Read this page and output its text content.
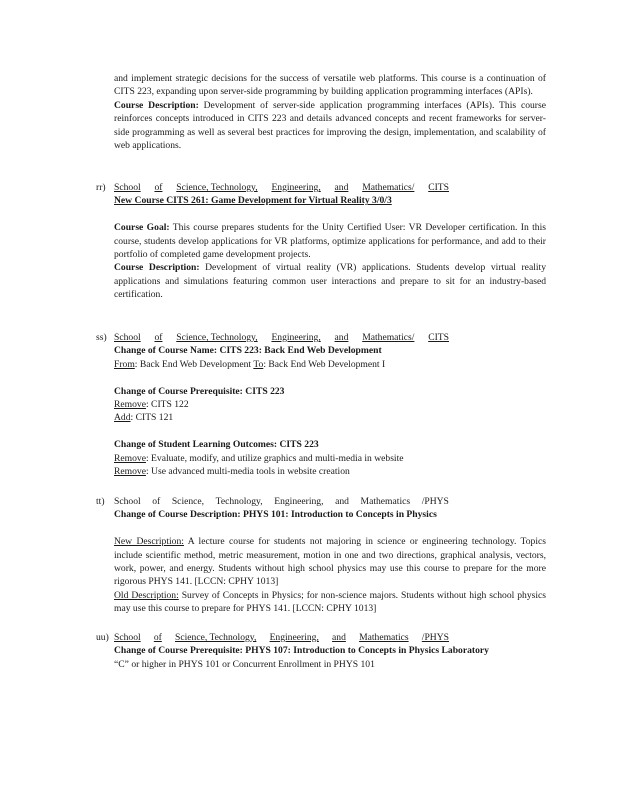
and implement strategic decisions for the success of versatile web platforms. This course is a continuation of CITS 223, expanding upon server-side programming by building application programming interfaces (APIs).
Course Description: Development of server-side application programming interfaces (APIs). This course reinforces concepts introduced in CITS 223 and details advanced concepts and recent frameworks for server-side programming as well as several best practices for improving the design, implementation, and scalability of web applications.
rr) School of Science, Technology, Engineering, and Mathematics/ CITS
New Course CITS 261: Game Development for Virtual Reality 3/0/3
Course Goal: This course prepares students for the Unity Certified User: VR Developer certification. In this course, students develop applications for VR platforms, optimize applications for performance, and add to their portfolio of completed game development projects.
Course Description: Development of virtual reality (VR) applications. Students develop virtual reality applications and simulations featuring common user interactions and prepare to sit for an industry-based certification.
ss) School of Science, Technology, Engineering, and Mathematics/ CITS
Change of Course Name: CITS 223: Back End Web Development
From: Back End Web Development To: Back End Web Development I
Change of Course Prerequisite: CITS 223
Remove: CITS 122
Add: CITS 121
Change of Student Learning Outcomes: CITS 223
Remove: Evaluate, modify, and utilize graphics and multi-media in website
Remove: Use advanced multi-media tools in website creation
tt) School of Science, Technology, Engineering, and Mathematics /PHYS
Change of Course Description: PHYS 101: Introduction to Concepts in Physics
New Description: A lecture course for students not majoring in science or engineering technology. Topics include scientific method, metric measurement, motion in one and two directions, graphical analysis, vectors, work, power, and energy. Students without high school physics may use this course to prepare for the more rigorous PHYS 141. [LCCN: CPHY 1013]
Old Description: Survey of Concepts in Physics; for non-science majors. Students without high school physics may use this course to prepare for PHYS 141. [LCCN: CPHY 1013]
uu) School of Science, Technology, Engineering, and Mathematics /PHYS
Change of Course Prerequisite: PHYS 107: Introduction to Concepts in Physics Laboratory
“C” or higher in PHYS 101 or Concurrent Enrollment in PHYS 101
